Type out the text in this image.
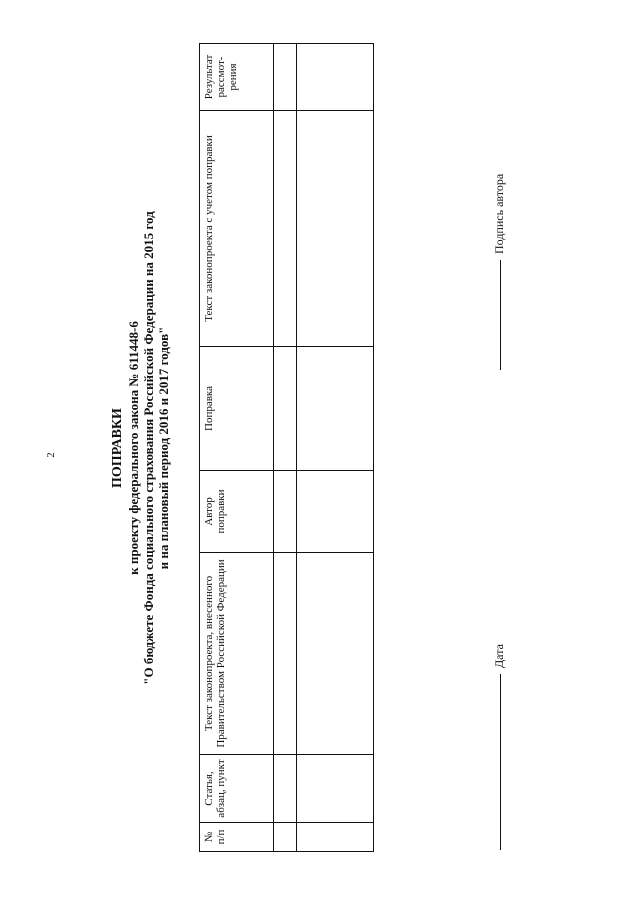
2	ПОПРАВКИ к проекту федерального закона № 611448-6 "О бюджете Фонда социального страхования Российской Федерации на 2015 год и на плановый период 2016 и 2017 годов"
№ п/п	Статья, абзац, пункт	Текст законопроекта, внесенного Правительством Российской Федерации	Автор поправки	Поправка	Текст законопроекта с учетом поправки	Результат рассмот-рения

Дата
Подпись автора
